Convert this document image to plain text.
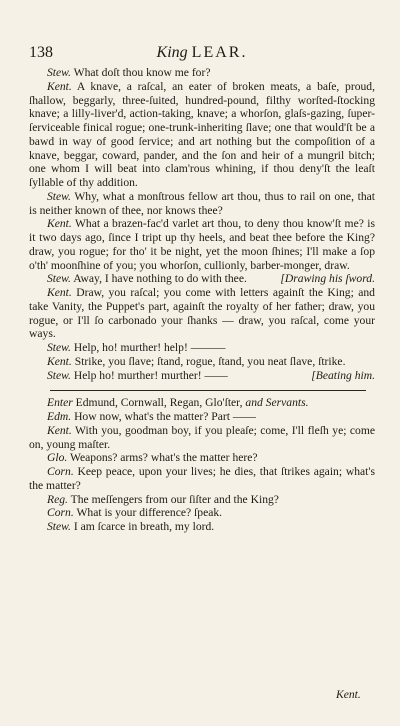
138	King LEAR.

Stew. What doſt thou know me for?

Kent. A knave, a raſcal, an eater of broken meats, a baſe, proud, ſhallow, beggarly, three-ſuited, hundred-pound, filthy worſted-ſtocking knave; a lilly-liver'd, action-taking, knave; a whorſon, glaſs-gazing, ſuper-ſerviceable finical rogue; one-trunk-inheriting ſlave; one that would'ſt be a bawd in way of good ſervice; and art nothing but the compoſition of a knave, beggar, coward, pander, and the ſon and heir of a mungril bitch; one whom I will beat into clam'rous whining, if thou deny'ſt the leaſt ſyllable of thy addition.

Stew. Why, what a monſtrous fellow art thou, thus to rail on one, that is neither known of thee, nor knows thee?

Kent. What a brazen-fac'd varlet art thou, to deny thou know'ſt me? is it two days ago, ſince I tript up thy heels, and beat thee before the King? draw, you rogue; for tho' it be night, yet the moon ſhines; I'll make a ſop o'th' moonſhine of you; you whorſon, cullionly, barber-monger, draw.
[Drawing his ſword.

Stew. Away, I have nothing to do with thee.

Kent. Draw, you raſcal; you come with letters againſt the King; and take Vanity, the Puppet's part, againſt the royalty of her father; draw, you rogue, or I'll ſo carbonado your ſhanks — draw, you raſcal, come your ways.

Stew. Help, ho! murther! help! ———

Kent. Strike, you ſlave; ſtand, rogue, ſtand, you neat ſlave, ſtrike.
[Beating him.

Stew. Help ho! murther! murther! ——

Enter Edmund, Cornwall, Regan, Glo'ſter, and Servants.

Edm. How now, what's the matter? Part ——

Kent. With you, goodman boy, if you pleaſe; come, I'll fleſh ye; come on, young maſter.

Glo. Weapons? arms? what's the matter here?

Corn. Keep peace, upon your lives; he dies, that ſtrikes again; what's the matter?

Reg. The meſſengers from our ſiſter and the King?

Corn. What is your difference? ſpeak.

Stew. I am ſcarce in breath, my lord.

Kent.
